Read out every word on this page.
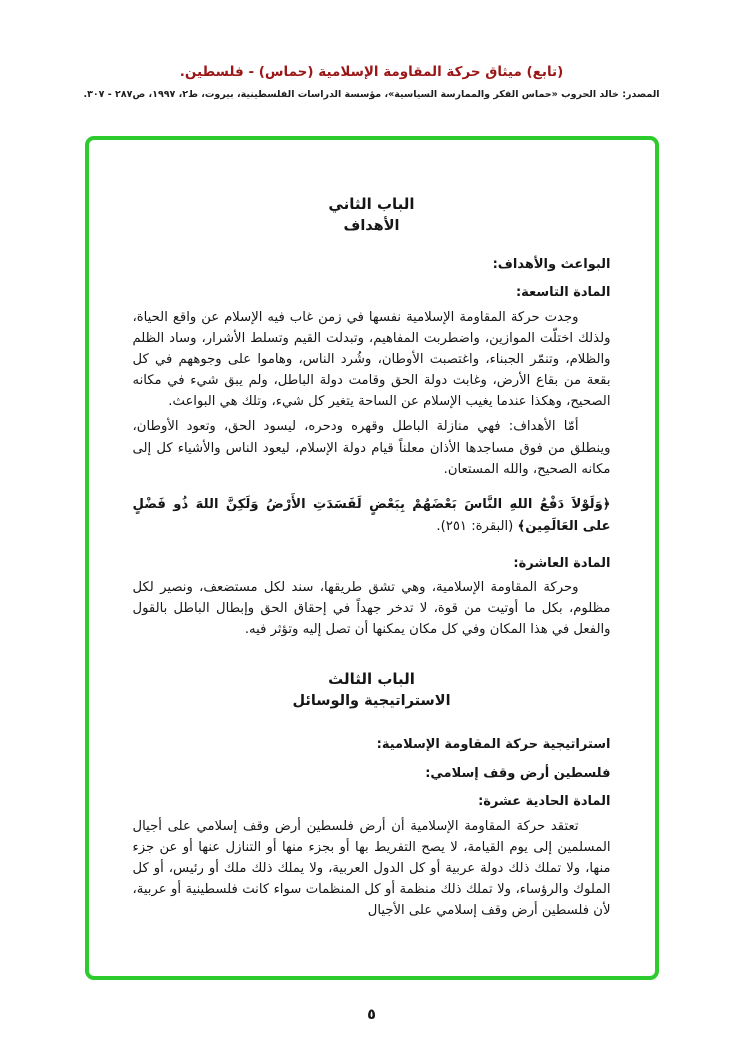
(تابع) ميثاق حركة المقاومة الإسلامية (حماس) - فلسطين.
المصدر: خالد الحروب «حماس الفكر والممارسة السياسية»، مؤسسة الدراسات الفلسطينية، بيروت، ط٢، ١٩٩٧، ص٢٨٧ - ٣٠٧.
الباب الثاني
الأهداف

البواعث والأهداف:

المادة التاسعة:

وجدت حركة المقاومة الإسلامية نفسها في زمن غاب فيه الإسلام عن واقع الحياة، ولذلك اختلّت الموازين، واضطربت المفاهيم، وتبدلت القيم وتسلط الأشرار، وساد الظلم والظلام، وتنمّر الجبناء، واغتصبت الأوطان، وشُرد الناس، وهاموا على وجوههم في كل بقعة من بقاع الأرض، وغابت دولة الحق وقامت دولة الباطل، ولم يبق شيء في مكانه الصحيح، وهكذا عندما يغيب الإسلام عن الساحة يتغير كل شيء، وتلك هي البواعث.

أمّا الأهداف: فهي منازلة الباطل وقهره ودحره، ليسود الحق، وتعود الأوطان، وينطلق من فوق مساجدها الأذان معلناً قيام دولة الإسلام، ليعود الناس والأشياء كل إلى مكانه الصحيح، والله المستعان.

﴿وَلَوْلاَ دَفْعُ اللهِ النَّاسَ بَعْضَهُمْ بِبَعْضٍ لَفَسَدَتِ الأَرْضُ وَلَكِنَّ اللهَ ذُو فَضْلٍ على العَالَمِين﴾ (البقرة: ٢٥١).

المادة العاشرة:

وحركة المقاومة الإسلامية، وهي تشق طريقها، سند لكل مستضعف، ونصير لكل مظلوم، بكل ما أوتيت من قوة، لا تدخر جهداً في إحقاق الحق وإبطال الباطل بالقول والفعل في هذا المكان وفي كل مكان يمكنها أن تصل إليه وتؤثر فيه.

الباب الثالث
الاستراتيجية والوسائل

استراتيجية حركة المقاومة الإسلامية:

فلسطين أرض وقف إسلامي:

المادة الحادية عشرة:

تعتقد حركة المقاومة الإسلامية أن أرض فلسطين أرض وقف إسلامي على أجيال المسلمين إلى يوم القيامة، لا يصح التفريط بها أو بجزء منها أو التنازل عنها أو عن جزء منها، ولا تملك ذلك دولة عربية أو كل الدول العربية، ولا يملك ذلك ملك أو رئيس، أو كل الملوك والرؤساء، ولا تملك ذلك منظمة أو كل المنظمات سواء كانت فلسطينية أو عربية، لأن فلسطين أرض وقف إسلامي على الأجيال

٥
